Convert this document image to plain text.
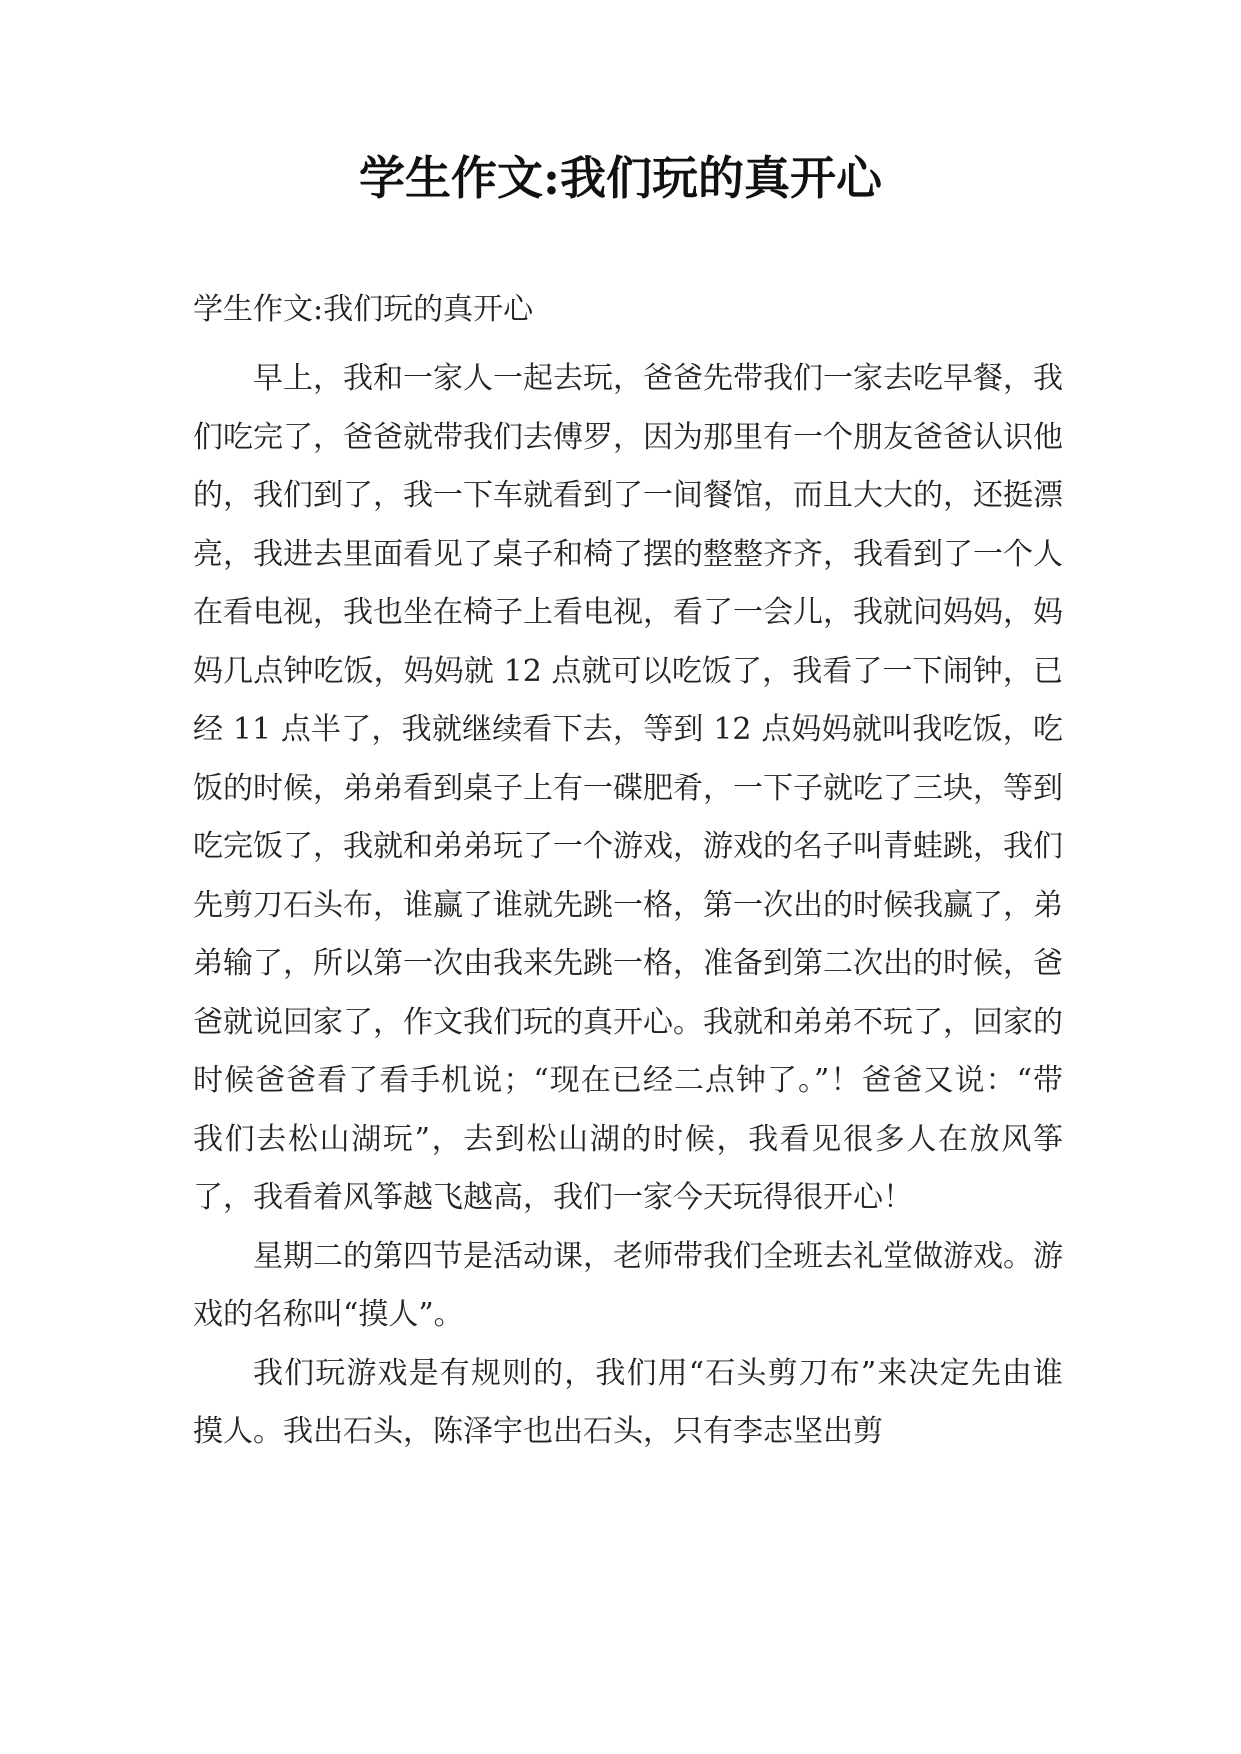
学生作文:我们玩的真开心
学生作文:我们玩的真开心

早上，我和一家人一起去玩，爸爸先带我们一家去吃早餐，我们吃完了，爸爸就带我们去傅罗，因为那里有一个朋友爸爸认识他的，我们到了，我一下车就看到了一间餐馆，而且大大的，还挺漂亮，我进去里面看见了桌子和椅了摆的整整齐齐，我看到了一个人在看电视，我也坐在椅子上看电视，看了一会儿，我就问妈妈，妈妈几点钟吃饭，妈妈就 12 点就可以吃饭了，我看了一下闹钟，已经 11 点半了，我就继续看下去，等到 12 点妈妈就叫我吃饭，吃饭的时候，弟弟看到桌子上有一碟肥肴，一下子就吃了三块，等到吃完饭了，我就和弟弟玩了一个游戏，游戏的名子叫青蛙跳，我们先剪刀石头布，谁赢了谁就先跳一格，第一次出的时候我赢了，弟弟输了，所以第一次由我来先跳一格，准备到第二次出的时候，爸爸就说回家了，作文我们玩的真开心。我就和弟弟不玩了，回家的时候爸爸看了看手机说；“现在已经二点钟了。”！爸爸又说：“带我们去松山湖玩”，去到松山湖的时候，我看见很多人在放风筝了，我看着风筝越飞越高，我们一家今天玩得很开心！

星期二的第四节是活动课，老师带我们全班去礼堂做游戏。游戏的名称叫“摸人”。

我们玩游戏是有规则的，我们用“石头剪刀布”来决定先由谁摸人。我出石头，陈泽宇也出石头，只有李志坚出剪
